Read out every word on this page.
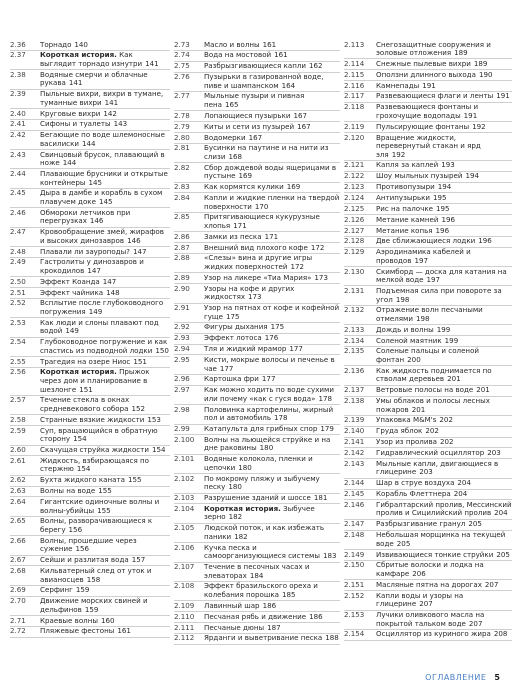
2.36	Торнадо 140
2.37	Короткая история. Как выглядит торнадо изнутри 141
2.38	Водяные смерчи и облачные рукава 141
2.39	Пыльные вихри, вихри в тумане, туманные вихри 141
2.40	Круговые вихри 142
2.41	Сифоны и туалеты 143
2.42	Бегающие по воде шлемоносные василиски 144
2.43	Свинцовый брусок, плавающий в ноже 144
2.44	Плавающие брусники и открытые контейнеры 145
2.45	Дыра в дамбе и корабль в сухом плавучем доке 145
2.46	Обмороки летчиков при перегрузках 146
2.47	Кровообращение змей, жирафов и высоких динозавров 146
2.48	Плавали ли зауроподы? 147
2.49	Гастролиты у динозавров и крокодилов 147
2.50	Эффект Коанда 147
2.51	Эффект чайника 148
2.52	Всплытие после глубоководного погружения 149
2.53	Как люди и слоны плавают под водой 149
2.54	Глубоководное погружение и как спастись из подводной лодки 150
2.55	Трагедия на озере Ниос 151
2.56	Короткая история. Прыжок через дом и планирование в шезлонге 151
2.57	Течение стекла в окнах средневекового собора 152
2.58	Странные вязкие жидкости 153
2.59	Суп, вращающийся в обратную сторону 154
2.60	Скачущая струйка жидкости 154
2.61	Жидкость, взбирающаяся по стержню 154
2.62	Бухта жидкого каната 155
2.63	Волны на воде 155
2.64	Гигантские одиночные волны и волны-убийцы 155
2.65	Волны, разворачивающиеся к берегу 156
2.66	Волны, прошедшие через сужение 156
2.67	Сейши и разлитая вода 157
2.68	Кильватерный след от уток и авианосцев 158
2.69	Серфинг 159
2.70	Движение морских свиней и дельфинов 159
2.71	Краевые волны 160
2.72	Пляжевые фестоны 161
2.73	Масло и волны 161
2.74	Вода на мостовой 161
2.75	Разбрызгивающиеся капли 162
2.76	Пузырьки в газированной воде, пиве и шампанском 164
2.77	Мыльные пузыри и пивная пена 165
2.78	Лопающиеся пузырьки 167
2.79	Киты и сети из пузырей 167
2.80	Водомерки 167
2.81	Бусинки на паутине и на нити из слизи 168
2.82	Сбор дождевой воды ящерицами в пустыне 169
2.83	Как кормятся кулики 169
2.84	Капли и жидкие пленки на твердой поверхности 170
2.85	Притягивающиеся кукурузные хлопья 171
2.86	Замки из песка 171
2.87	Внешний вид плохого кофе 172
2.88	«Слезы» вина и другие игры жидких поверхностей 172
2.89	Узор на ликере «Тиа Мария» 173
2.90	Узоры на кофе и других жидкостях 173
2.91	Узор на пятнах от кофе и кофейной гуще 175
2.92	Фигуры дыхания 175
2.93	Эффект лотоса 176
2.94	Тля и жидкий мрамор 177
2.95	Кисти, мокрые волосы и печенье в чае 177
2.96	Картошка фри 177
2.97	Как можно ходить по воде сухими или почему «как с гуся вода» 178
2.98	Половинка картофелины, жирный пол и автомобиль 178
2.99	Катапульта для грибных спор 179
2.100	Волны на льющейся струйке и на дне раковины 180
2.101	Водяные колокола, пленки и цепочки 180
2.102	По мокрому пляжу и зыбучему песку 180
2.103	Разрушение зданий и шоссе 181
2.104	Короткая история. Зыбучее зерно 182
2.105	Людской поток, и как избежать паники 182
2.106	Кучка песка и самоорганизующиеся системы 183
2.107	Течение в песочных часах и элеваторах 184
2.108	Эффект бразильского ореха и колебания порошка 185
2.109	Лавинный шар 186
2.110	Песчаная рябь и движение 186
2.111	Песчаные дюны 187
2.112	Ярданги и выветривание песка 188
2.113	Снегозащитные сооружения и эоловые отложения 189
2.114	Снежные пылевые вихри 189
2.115	Оползни длинного выхода 190
2.116	Камнепады 191
2.117	Развевающиеся флаги и ленты 191
2.118	Развевающиеся фонтаны и грохочущие водопады 191
2.119	Пульсирующие фонтаны 192
2.120	Вращение жидкости, перевернутый стакан и ярд эля 192
2.121	Капля за каплей 193
2.122	Шоу мыльных пузырей 194
2.123	Противопузыри 194
2.124	Антипузырьки 195
2.125	Рис на палочке 195
2.126	Метание камней 196
2.127	Метание копья 196
2.128	Две сближающиеся лодки 196
2.129	Аэродинамика кабелей и проводов 197
2.130	Скимборд — доска для катания на мелкой воде 197
2.131	Подъемная сила при повороте за угол 198
2.132	Отражение волн песчаными отмелями 198
2.133	Дождь и волны 199
2.134	Соленой маятник 199
2.135	Соленые пальцы и соленой фонтан 200
2.136	Как жидкость поднимается по стволам деревьев 201
2.137	Ветровые полосы на воде 201
2.138	Умы облаков и полосы лесных пожаров 201
2.139	Упаковка M&M's 202
2.140	Груда яблок 202
2.141	Узор из пролива 202
2.142	Гидравлический осциллятор 203
2.143	Мыльные капли, двигающиеся в глицерине 203
2.144	Шар в струе воздуха 204
2.145	Корабль Флеттнера 204
2.146	Гибралтарский пролив, Мессинский пролив и Сицилийский пролив 204
2.147	Разбрызгивание гранул 205
2.148	Небольшая морщинка на текущей воде 205
2.149	Извивающиеся тонкие струйки 205
2.150	Сбритые волоски и лодка на камфаре 206
2.151	Масляные пятна на дорогах 207
2.152	Капли воды и узоры на глицерине 207
2.153	Лучики оливкового масла на покрытой тальком воде 207
2.154	Осциллятор из куриного жира 208
ОГЛАВЛЕНИЕ 5
